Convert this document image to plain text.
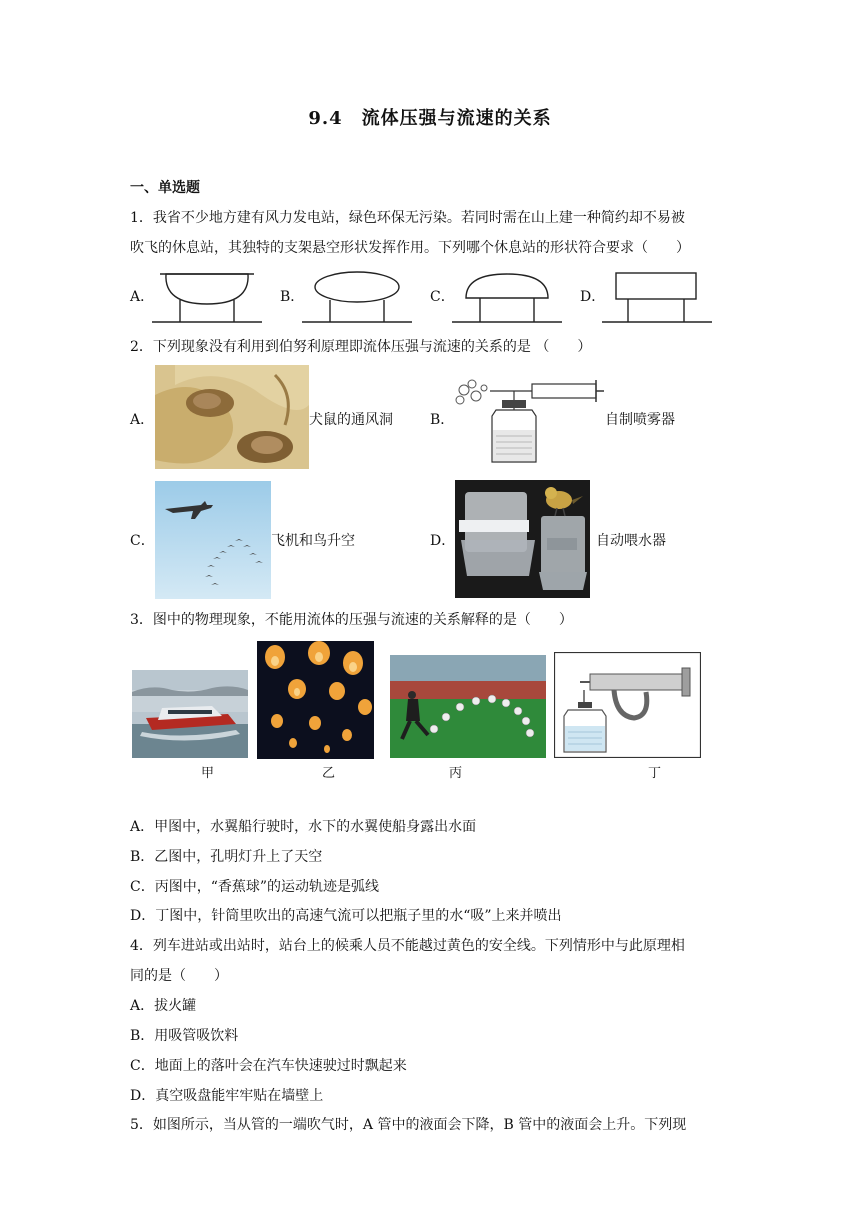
9.4　流体压强与流速的关系
一、单选题
1．我省不少地方建有风力发电站，绿色环保无污染。若同时需在山上建一种简约却不易被
吹飞的休息站，其独特的支架悬空形状发挥作用。下列哪个休息站的形状符合要求（　　）
A．	B．	C．	D．
2．下列现象没有利用到伯努利原理即流体压强与流速的关系的是 （　　）
A．	犬鼠的通风洞	B．	自制喷雾器
C．	飞机和鸟升空	D．	自动喂水器
3．图中的物理现象，不能用流体的压强与流速的关系解释的是（　　）
甲	乙	丙	丁
A．甲图中，水翼船行驶时，水下的水翼使船身露出水面
B．乙图中，孔明灯升上了天空
C．丙图中，“香蕉球”的运动轨迹是弧线
D．丁图中，针筒里吹出的高速气流可以把瓶子里的水“吸”上来并喷出
4．列车进站或出站时，站台上的候乘人员不能越过黄色的安全线。下列情形中与此原理相
同的是（　　）
A．拔火罐
B．用吸管吸饮料
C．地面上的落叶会在汽车快速驶过时飘起来
D．真空吸盘能牢牢贴在墙壁上
5．如图所示，当从管的一端吹气时，A 管中的液面会下降，B 管中的液面会上升。下列现
